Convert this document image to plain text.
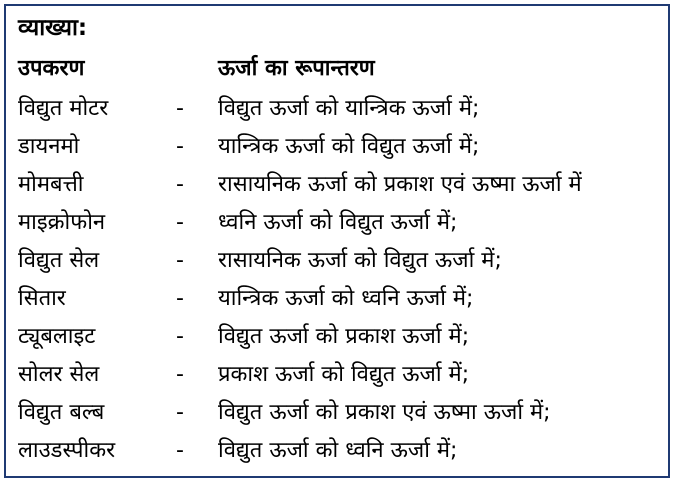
व्याख्या:
उपकरण	ऊर्जा का रूपान्तरण
विद्युत मोटर	- विद्युत ऊर्जा को यान्त्रिक ऊर्जा में;
डायनमो	- यान्त्रिक ऊर्जा को विद्युत ऊर्जा में;
मोमबत्ती	- रासायनिक ऊर्जा को प्रकाश एवं ऊष्मा ऊर्जा में
माइक्रोफोन	- ध्वनि ऊर्जा को विद्युत ऊर्जा में;
विद्युत सेल	- रासायनिक ऊर्जा को विद्युत ऊर्जा में;
सितार	- यान्त्रिक ऊर्जा को ध्वनि ऊर्जा में;
ट्यूबलाइट	- विद्युत ऊर्जा को प्रकाश ऊर्जा में;
सोलर सेल	- प्रकाश ऊर्जा को विद्युत ऊर्जा में;
विद्युत बल्ब	- विद्युत ऊर्जा को प्रकाश एवं ऊष्मा ऊर्जा में;
लाउडस्पीकर	- विद्युत ऊर्जा को ध्वनि ऊर्जा में;
